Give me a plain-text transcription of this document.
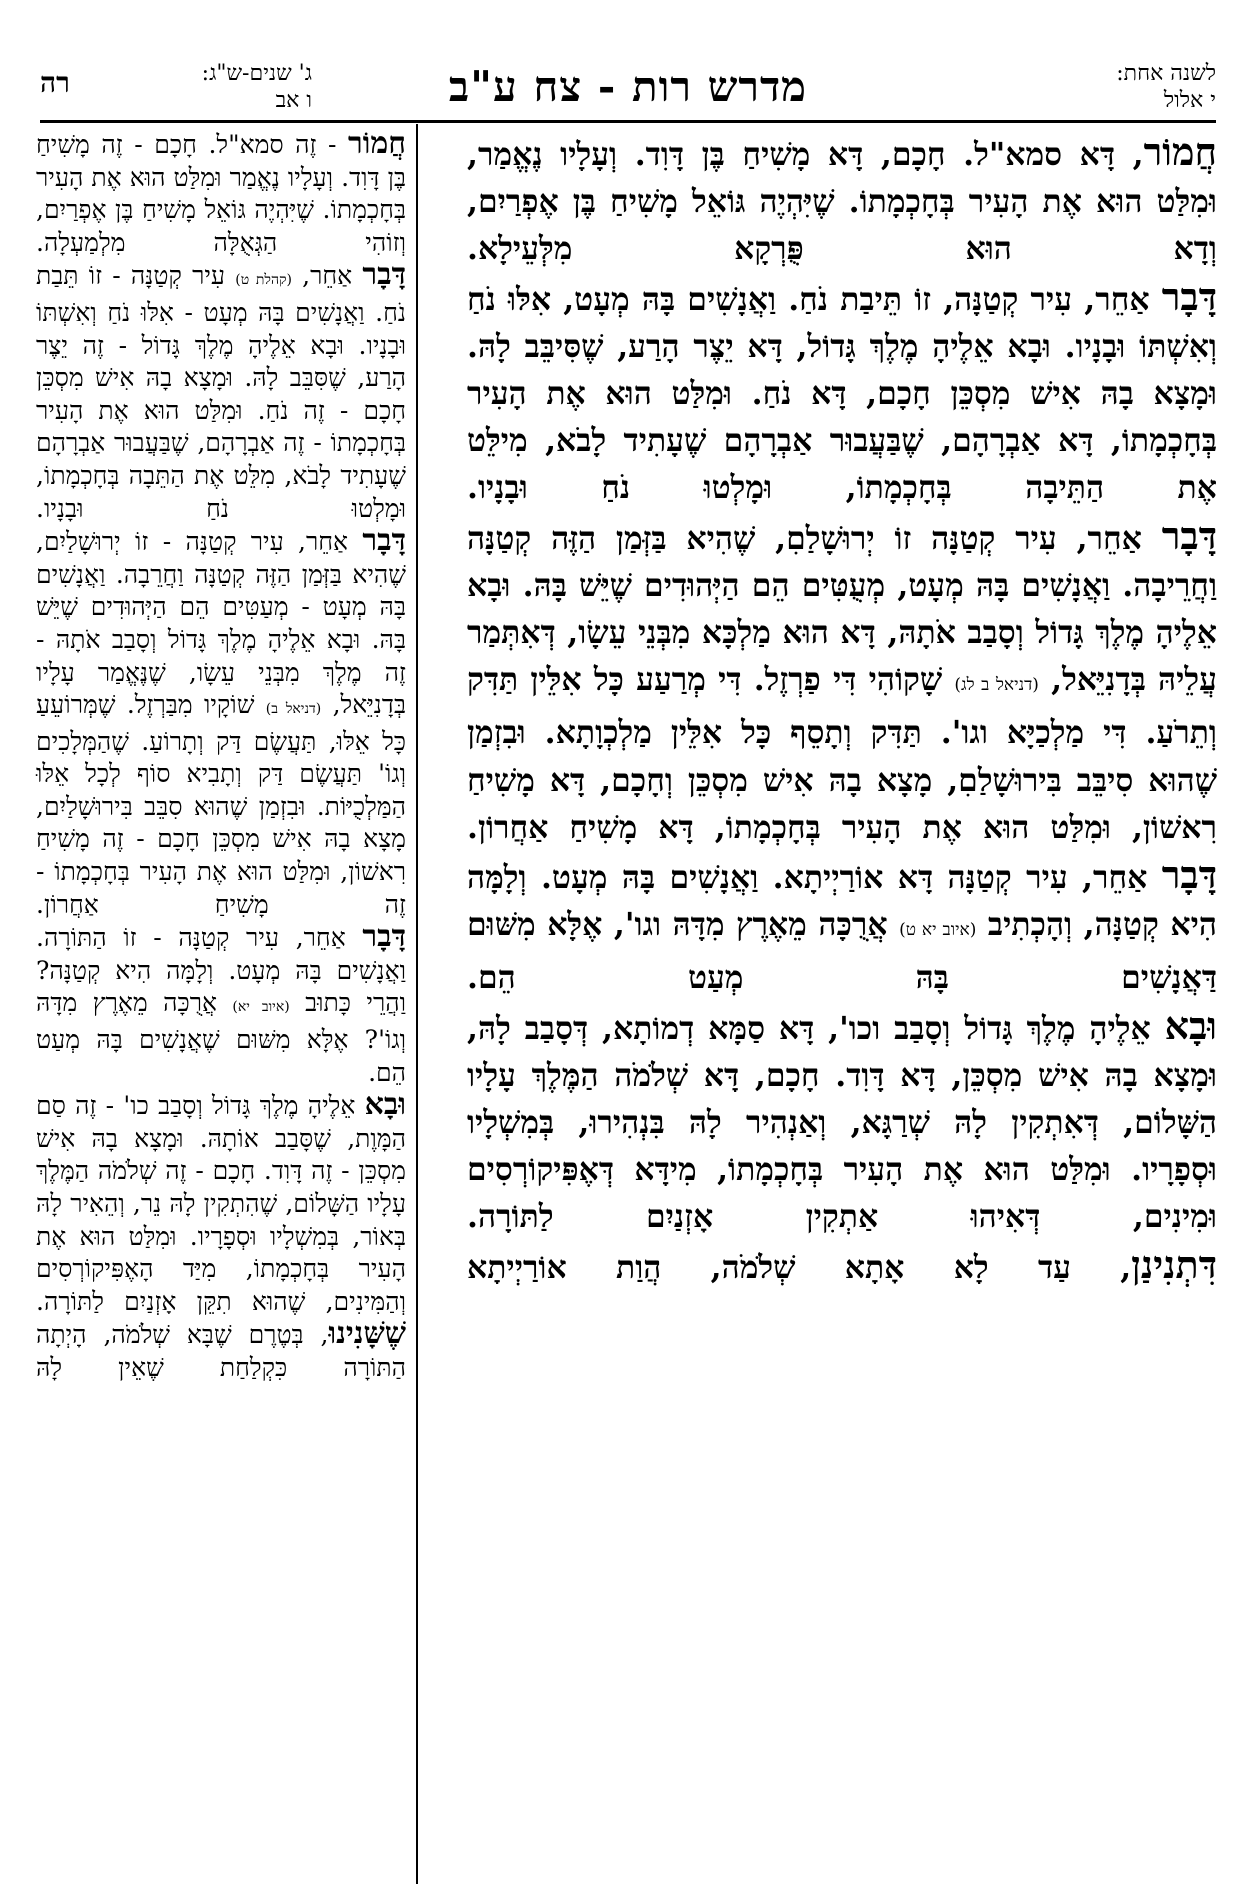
לשנה אחת:
י אלול
מדרש רות - צח ע"ב
ג' שנים-ש"ג:
ו אב
רה
חֲמוֹר, דָּא סמא"ל. חָכָם, דָּא מָשִׁיחַ בֶּן דָּוִד. וְעָלָיו נֶאֱמַר, וּמִלַּט הוּא אֶת הָעִיר בְּחָכְמָתוֹ. שֶׁיִּהְיֶה גּוֹאֵל מָשִׁיחַ בֶּן אֶפְרַיִם, וְדָא הוּא פֻּרְקָא מִלְּעֵילָא.
דָּבָר אַחֵר, עִיר קְטַנָּה, זוֹ תֵּיבַת נֹחַ. וַאֲנָשִׁים בָּהּ מְעָט, אִלּוּ נֹחַ וְאִשְׁתּוֹ וּבָנָיו. וּבָא אֵלֶיהָ מֶלֶךְ גָּדוֹל, דָּא יֵצֶר הָרַע, שֶׁסִּיבֵּב לָהּ. וּמָצָא בָהּ אִישׁ מִסְכֵּן חָכָם, דָּא נֹחַ. וּמִלַּט הוּא אֶת הָעִיר בְּחָכְמָתוֹ, דָּא אַבְרָהָם, שֶׁבַּעֲבוּר אַבְרָהָם שֶׁעָתִיד לָבֹא, מִילֵּט אֶת הַתֵּיבָה בְּחָכְמָתוֹ, וּמָלְטוּ נֹחַ וּבָנָיו.
דָּבָר אַחֵר, עִיר קְטַנָּה זוֹ יְרוּשָׁלַםִ, שֶׁהִיא בַּזְּמַן הַזֶּה קְטַנָּה וַחֲרֵיבָה. וַאֲנָשִׁים בָּהּ מְעָט, מְעֻטִּים הֵם הַיְּהוּדִים שֶׁיֵּשׁ בָּהּ. וּבָא אֵלֶיהָ מֶלֶךְ גָּדוֹל וְסָבַב אֹתָהּ, דָּא הוּא מַלְכָּא מִבְּנֵי עֵשָׂו, דְּאִתְּמַר עֲלֵיהּ בְּדָנִיֵּאל, (דניאל ב לג) שָׁקוֹהִי דִּי פַרְזֶל. דִּי מְרַעַע כָּל אִלֵּין תַּדִּק וְתֵרֹעַ. דִּי מַלְכַיָּא וגו'. תַּדִּק וְתָסֵף כָּל אִלֵּין מַלְכְוָתָא. וּבִזְמַן שֶׁהוּא סִיבֵּב בִּירוּשָׁלַםִ, מָצָא בָהּ אִישׁ מִסְכֵּן וְחָכָם, דָּא מָשִׁיחַ רִאשׁוֹן, וּמִלַּט הוּא אֶת הָעִיר בְּחָכְמָתוֹ, דָּא מָשִׁיחַ אַחֲרוֹן.
דָּבָר אַחֵר, עִיר קְטַנָּה דָּא אוֹרַיְיתָא. וַאֲנָשִׁים בָּהּ מְעָט. וְלָמָּה הִיא קְטַנָּה, וְהָכְתִיב (איוב יא ט) אֲרֻכָּה מֵאֶרֶץ מִדָּהּ וגו', אֶלָּא מִשּׁוּם דַּאֲנָשִׁים בָּהּ מְעַט הֵם.
וּבָא אֵלֶיהָ מֶלֶךְ גָּדוֹל וְסָבַב וכו', דָּא סַמָּא דְמוֹתָא, דְּסָבַב לָהּ, וּמָצָא בָהּ אִישׁ מִסְכֵּן, דָּא דָּוִד. חָכָם, דָּא שְׁלֹמֹה הַמֶּלֶךְ עָלָיו הַשָּׁלוֹם, דְּאִתְקִין לָהּ שְׁרַגָּא, וְאַנְהִיר לָהּ בִּנְהִירוּ, בְּמִשְׁלָיו וּסְפָרָיו. וּמִלַּט הוּא אֶת הָעִיר בְּחָכְמָתוֹ, מִידָּא דְּאֶפִּיקוֹרְסִים וּמִינִים, דְּאִיהוּ אַתְקִין אָזְנַיִם לַתּוֹרָה.
דִּתְנִינַן, עַד לָא אָתָא שְׁלֹמֹה, הֲוַת אוֹרַיְיתָא
חֲמוֹר - זֶה סמא"ל. חָכָם - זֶה מָשִׁיחַ בֶּן דָּוִד. וְעָלָיו נֶאֱמַר וּמִלַּט הוּא אֶת הָעִיר בְּחָכְמָתוֹ. שֶׁיִּהְיֶה גּוֹאֵל מָשִׁיחַ בֶּן אֶפְרַיִם, וְזוֹהִי הַגְּאֻלָּה מִלְמַעְלָה.
דָּבָר אַחֵר, (קהלת ט) עִיר קְטַנָּה - זוֹ תֵּבַת נֹחַ. וַאֲנָשִׁים בָּהּ מְעָט - אִלּוּ נֹחַ וְאִשְׁתּוֹ וּבָנָיו. וּבָא אֵלֶיהָ מֶלֶךְ גָּדוֹל - זֶה יֵצֶר הָרַע, שֶׁסִּבֵּב לָהּ. וּמָצָא בָהּ אִישׁ מִסְכֵּן חָכָם - זֶה נֹחַ. וּמִלַּט הוּא אֶת הָעִיר בְּחָכְמָתוֹ - זֶה אַבְרָהָם, שֶׁבַּעֲבוּר אַבְרָהָם שֶׁעָתִיד לָבֹא, מִלֵּט אֶת הַתֵּבָה בְּחָכְמָתוֹ, וּמָלְטוּ נֹחַ וּבָנָיו.
דָּבָר אַחֵר, עִיר קְטַנָּה - זוֹ יְרוּשָׁלַיִם, שֶׁהִיא בַּזְּמַן הַזֶּה קְטַנָּה וַחֲרֵבָה. וַאֲנָשִׁים בָּהּ מְעָט - מְעַטִּים הֵם הַיְּהוּדִים שֶׁיֵּשׁ בָּהּ. וּבָא אֵלֶיהָ מֶלֶךְ גָּדוֹל וְסָבַב אֹתָהּ - זֶה מֶלֶךְ מִבְּנֵי עֵשָׂו, שֶׁנֶּאֱמַר עָלָיו בְּדָנִיֵּאל, (דניאל ב) שׁוֹקָיו מִבַּרְזֶל. שֶׁמְּרוֹעֵעַ כָּל אֵלּוּ, תַּעֲשֶׂם דַּק וְתָרוֹעַ. שֶׁהַמְּלָכִים וְגוֹ' תַּעֲשֶׂם דַּק וְתָבִיא סוֹף לְכָל אֵלּוּ הַמַּלְכֻיּוֹת. וּבִזְמַן שֶׁהוּא סִבֵּב בִּירוּשָׁלַיִם, מָצָא בָהּ אִישׁ מִסְכֵּן חָכָם - זֶה מָשִׁיחַ רִאשׁוֹן, וּמִלַּט הוּא אֶת הָעִיר בְּחָכְמָתוֹ - זֶה מָשִׁיחַ אַחֲרוֹן.
דָּבָר אַחֵר, עִיר קְטַנָּה - זוֹ הַתּוֹרָה. וַאֲנָשִׁים בָּהּ מְעָט. וְלָמָּה הִיא קְטַנָּה? וַהֲרֵי כָּתוּב (איוב יא) אֲרֻכָּה מֵאֶרֶץ מִדָּהּ וְגוֹ'? אֶלָּא מִשּׁוּם שֶׁאֲנָשִׁים בָּהּ מְעַט הֵם.
וּבָא אֵלֶיהָ מֶלֶךְ גָּדוֹל וְסָבַב כו' - זֶה סַם הַמָּוֶת, שֶׁסָּבַב אוֹתָהּ. וּמָצָא בָהּ אִישׁ מִסְכֵּן - זֶה דָּוִד. חָכָם - זֶה שְׁלֹמֹה הַמֶּלֶךְ עָלָיו הַשָּׁלוֹם, שֶׁהִתְקִין לָהּ נֵר, וְהֵאִיר לָהּ בְּאוֹר, בְּמִשְׁלָיו וּסְפָרָיו. וּמִלַּט הוּא אֶת הָעִיר בְּחָכְמָתוֹ, מִיַּד הָאֶפִּיקוֹרְסִים וְהַמִּינִים, שֶׁהוּא תִקֵּן אָזְנַיִם לַתּוֹרָה.
שֶׁשָּׁנִינוּ, בְּטֶרֶם שֶׁבָּא שְׁלֹמֹה, הָיְתָה הַתּוֹרָה כִּקְלַחַת שֶׁאֵין לָהּ
